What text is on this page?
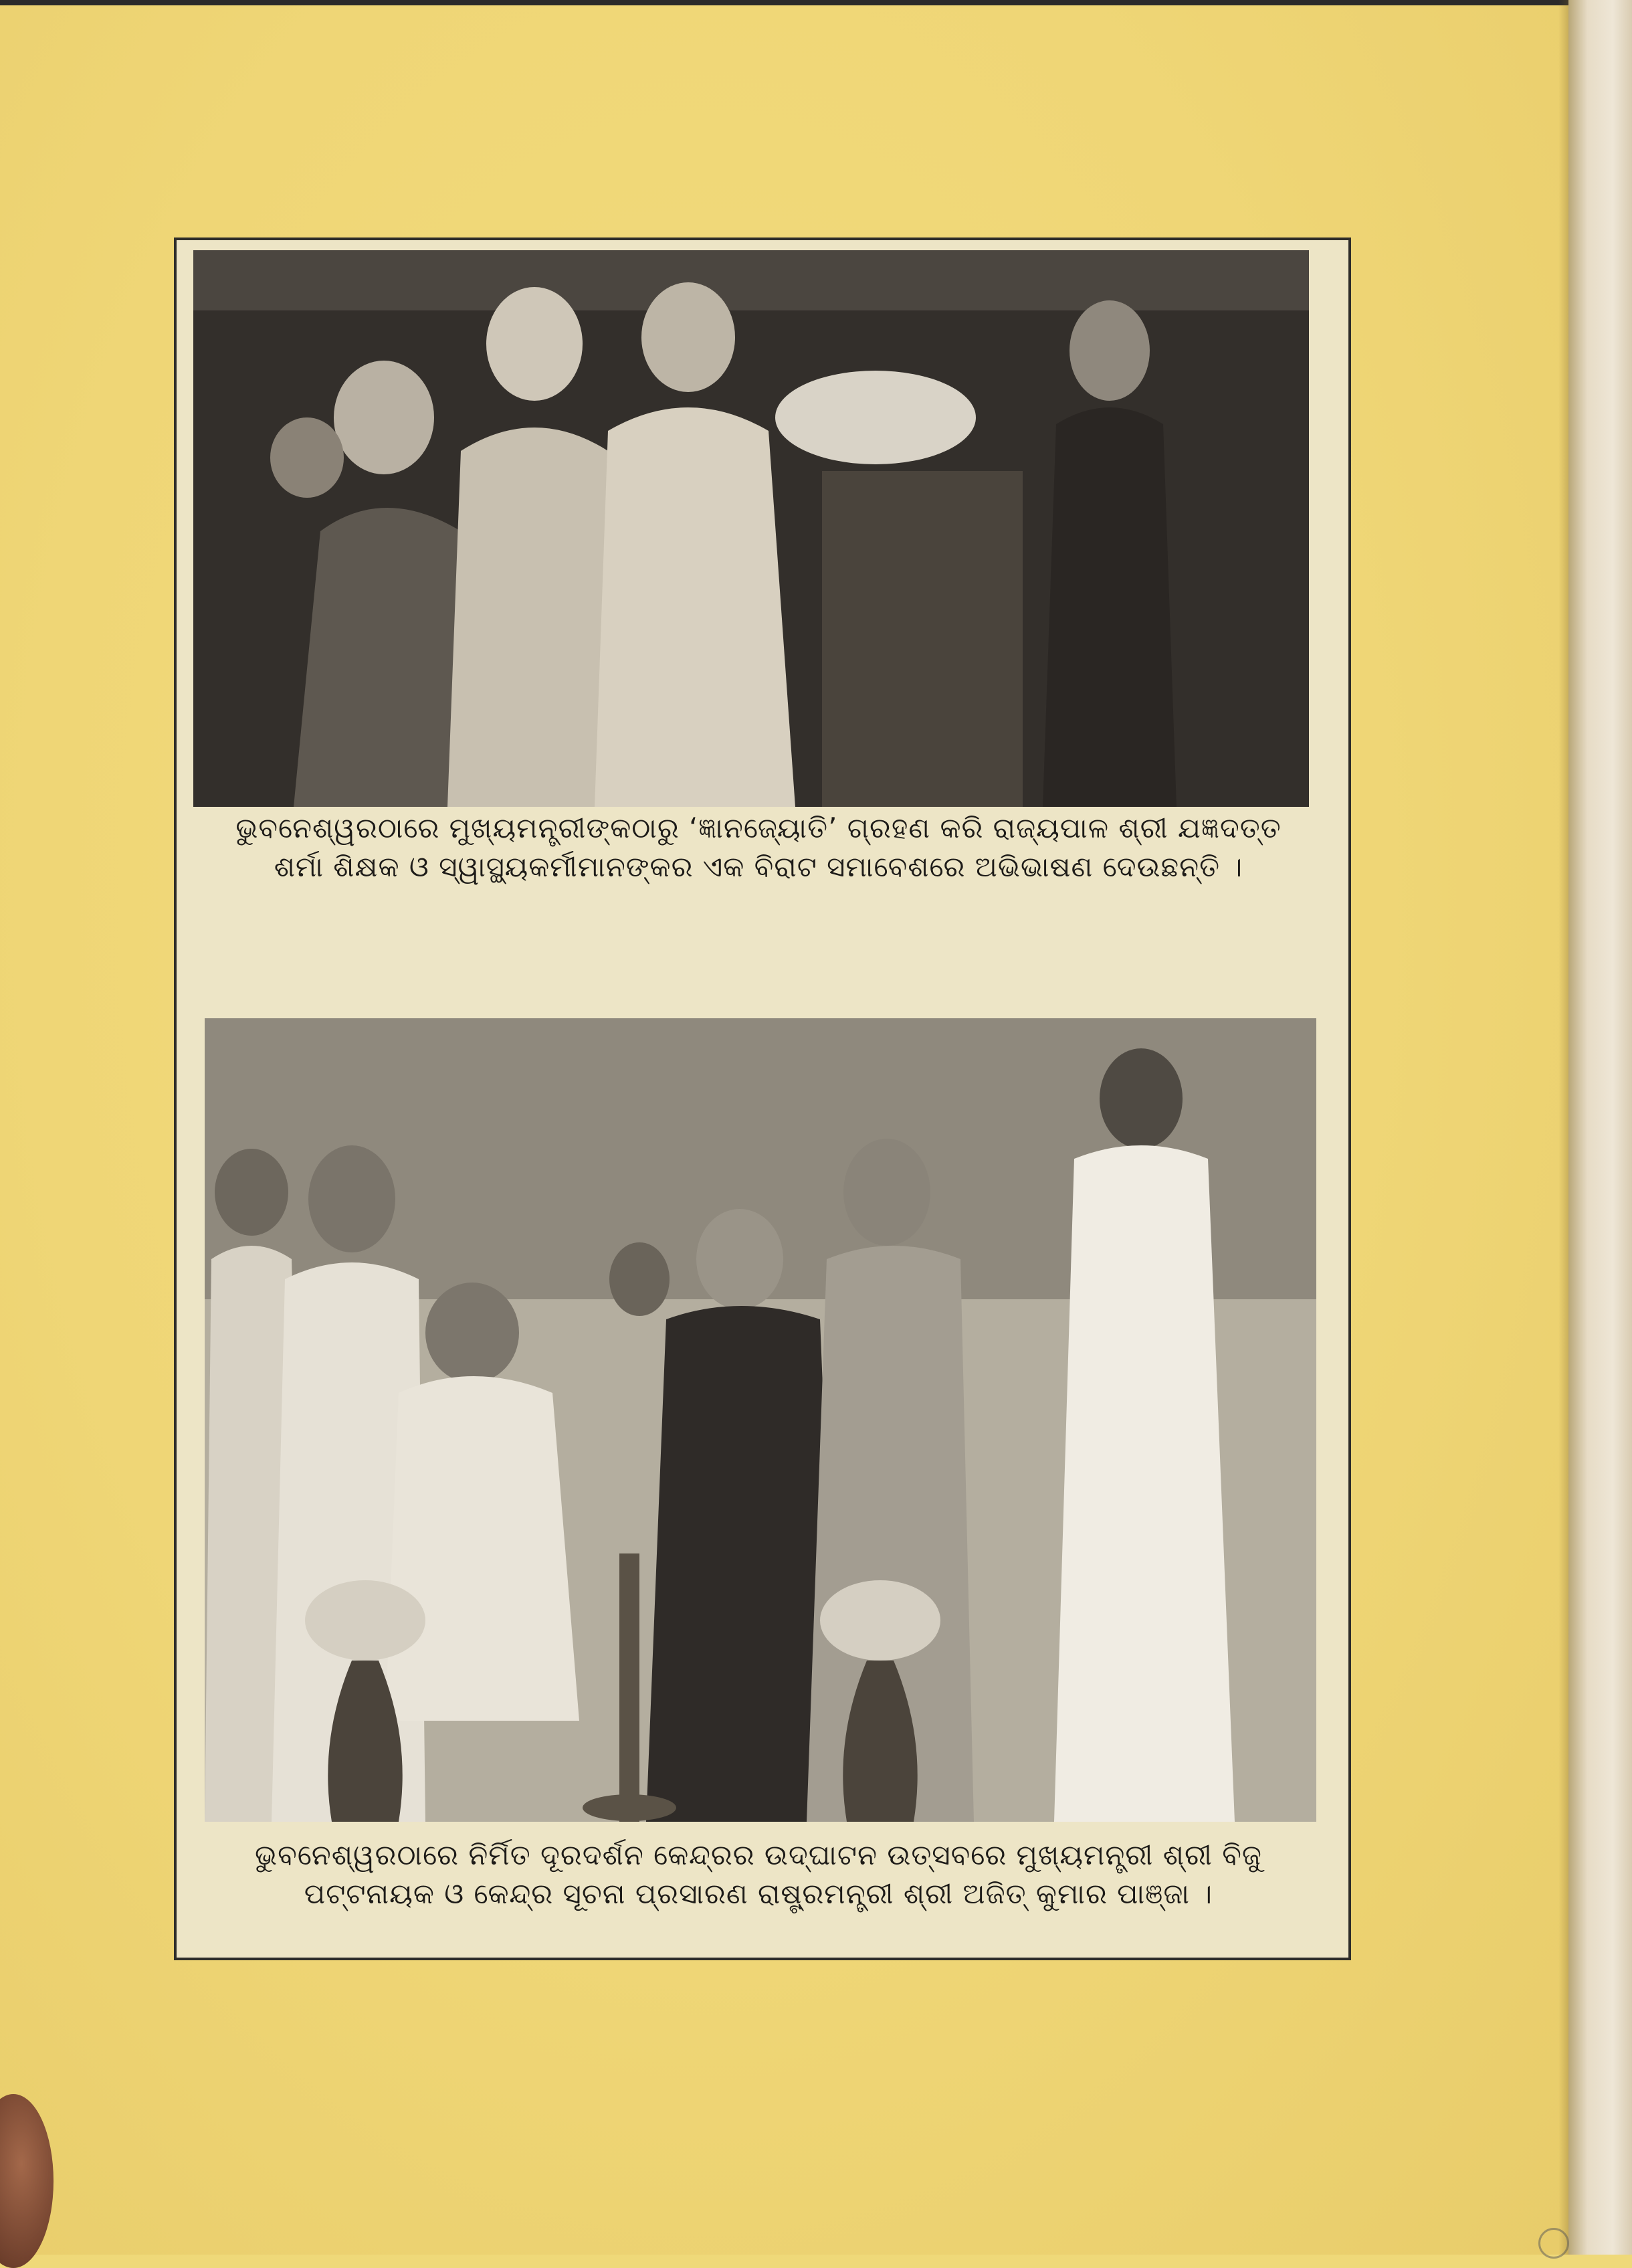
ଭୁବନେଶ୍ୱରଠାରେ ମୁଖ୍ୟମନ୍ତ୍ରୀଙ୍କଠାରୁ ‘ଜ୍ଞାନଜ୍ୟୋତି’ ଗ୍ରହଣ କରି ରାଜ୍ୟପାଳ ଶ୍ରୀ ଯଜ୍ଞଦତ୍ତ
ଶର୍ମା ଶିକ୍ଷକ ଓ ସ୍ୱାସ୍ଥ୍ୟକର୍ମୀମାନଙ୍କର ଏକ ବିରାଟ ସମାବେଶରେ ଅଭିଭାଷଣ ଦେଉଛନ୍ତି ।
ଭୁବନେଶ୍ୱରଠାରେ ନିର୍ମିତ ଦୂରଦର୍ଶନ କେନ୍ଦ୍ରର ଉଦ୍‌ଘାଟନ ଉତ୍ସବରେ ମୁଖ୍ୟମନ୍ତ୍ରୀ ଶ୍ରୀ ବିଜୁ
ପଟ୍ଟନାୟକ ଓ କେନ୍ଦ୍ର ସୂଚନା ପ୍ରସାରଣ ରାଷ୍ଟ୍ରମନ୍ତ୍ରୀ ଶ୍ରୀ ଅଜିତ୍ କୁମାର ପାଞ୍ଜା ।
